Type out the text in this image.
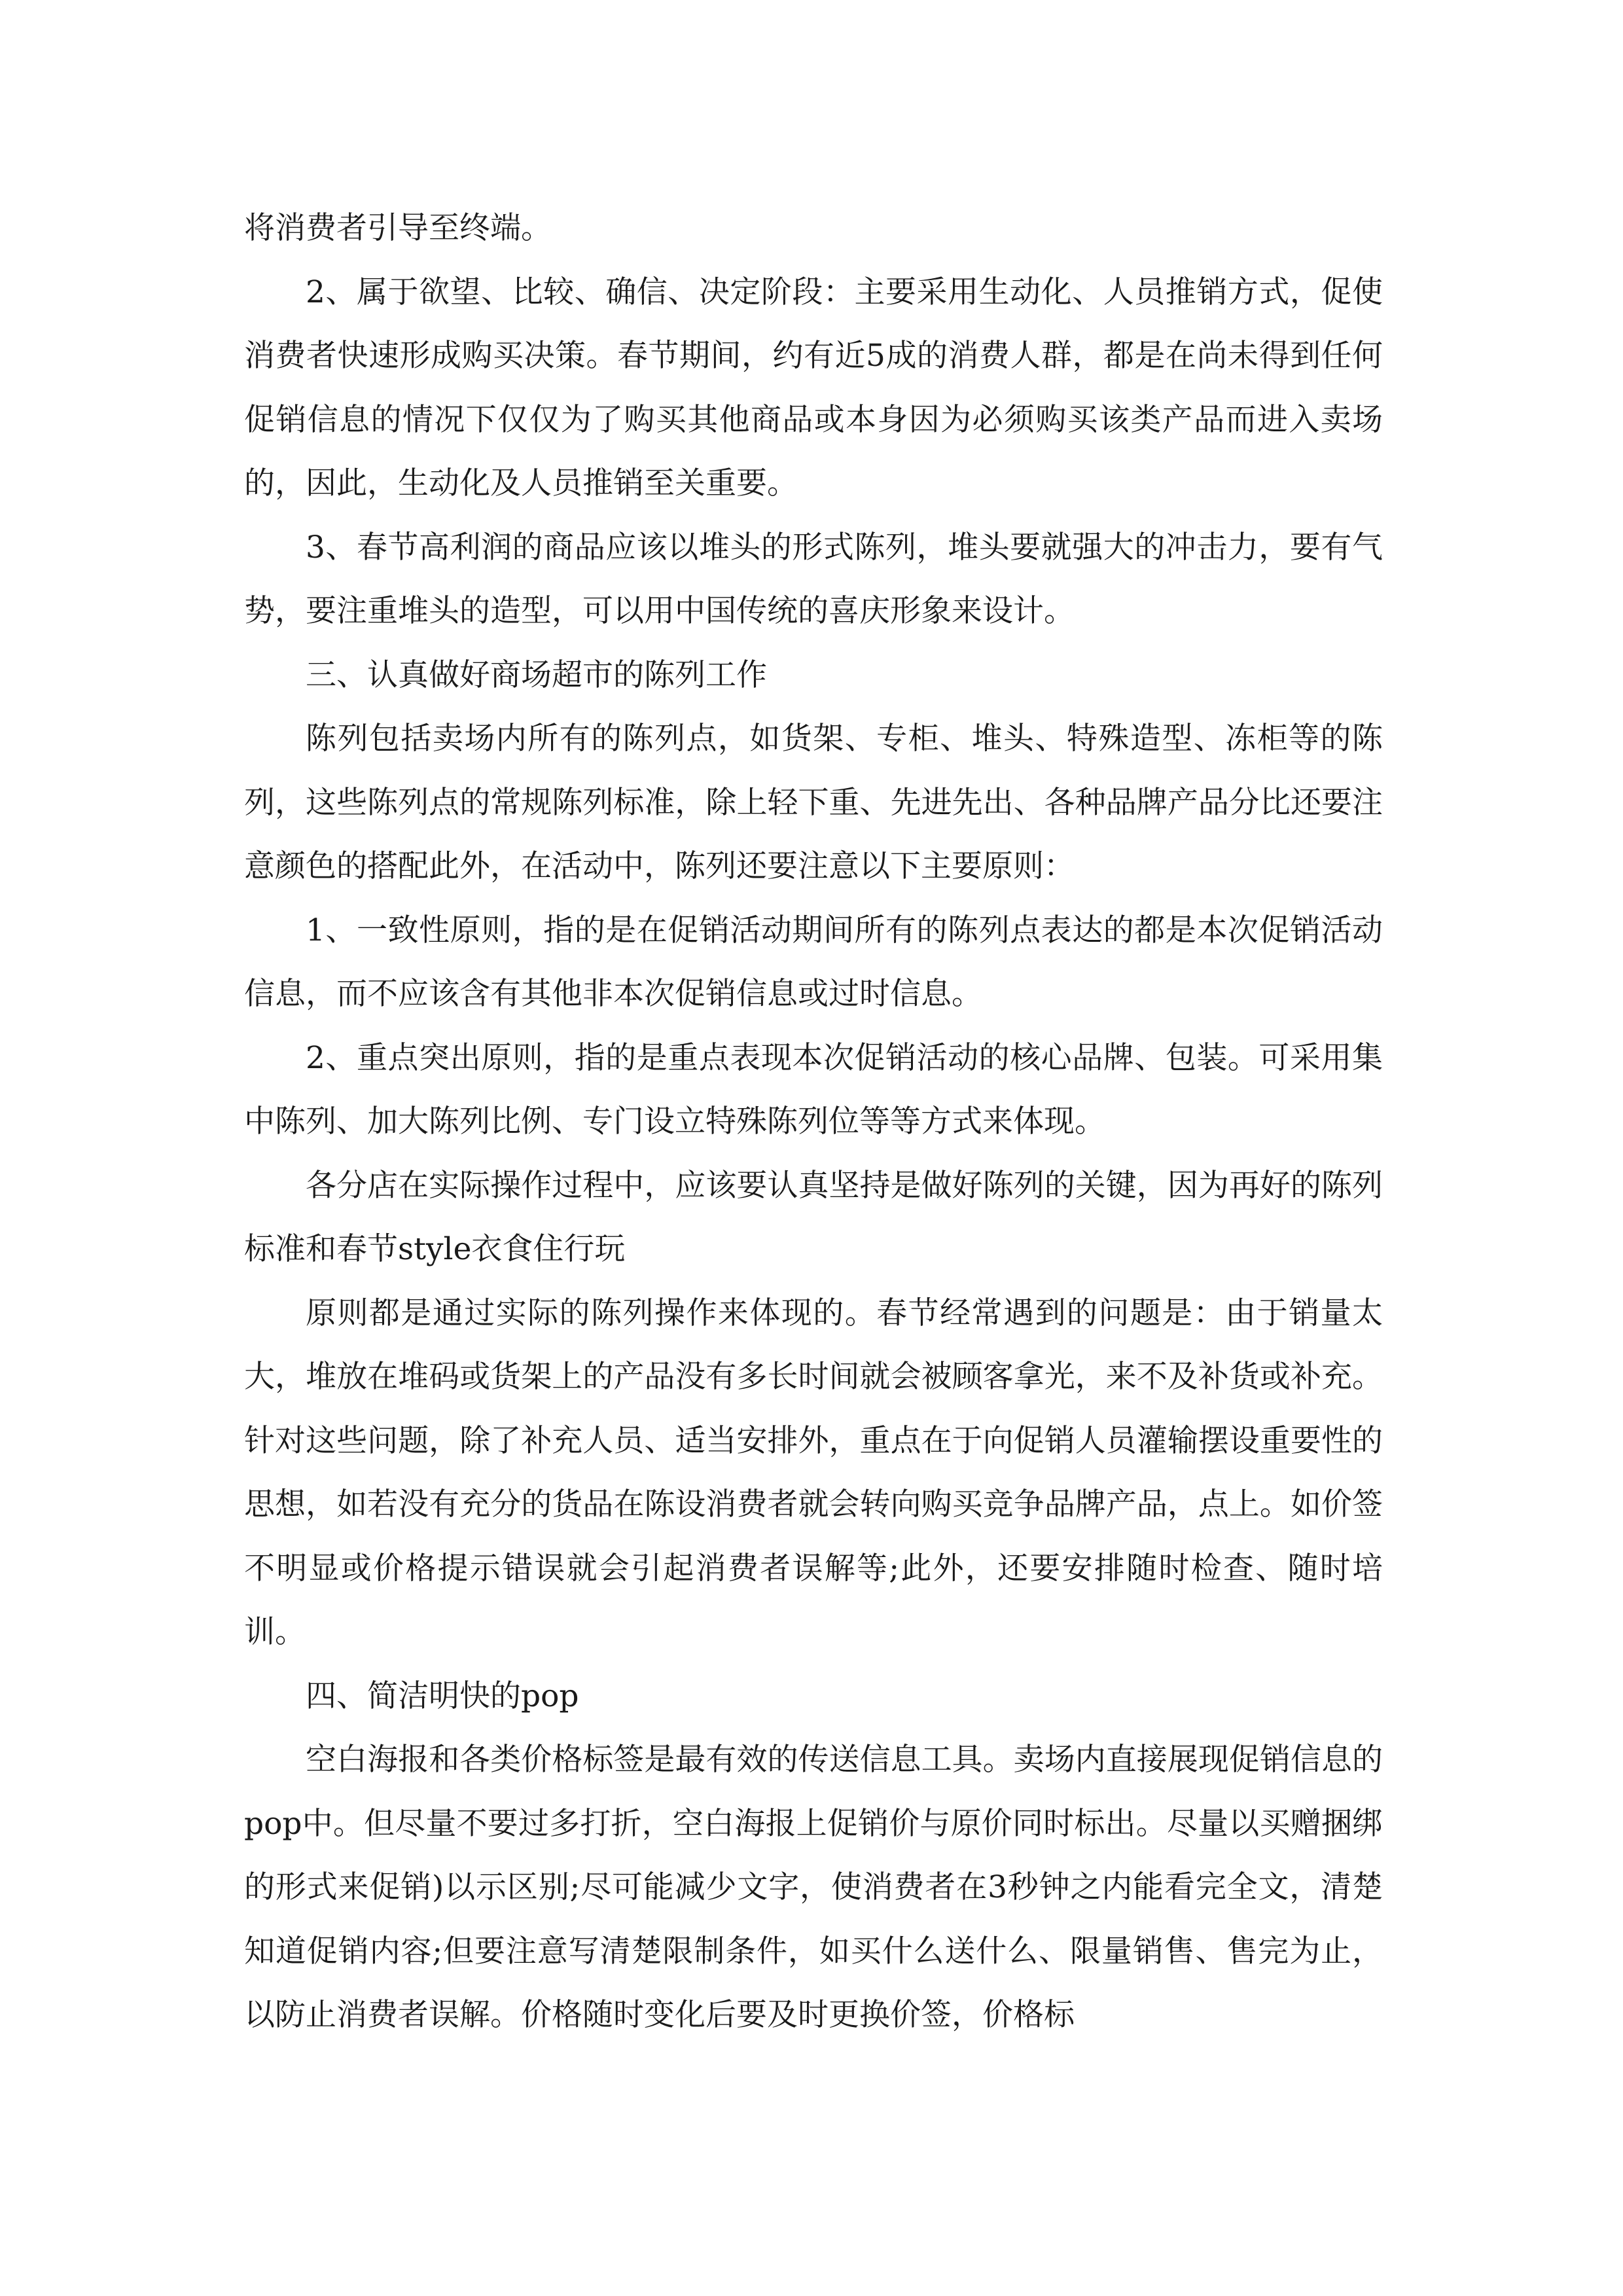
将消费者引导至终端。

2、属于欲望、比较、确信、决定阶段：主要采用生动化、人员推销方式，促使消费者快速形成购买决策。春节期间，约有近5成的消费人群，都是在尚未得到任何促销信息的情况下仅仅为了购买其他商品或本身因为必须购买该类产品而进入卖场的，因此，生动化及人员推销至关重要。

3、春节高利润的商品应该以堆头的形式陈列，堆头要就强大的冲击力，要有气势，要注重堆头的造型，可以用中国传统的喜庆形象来设计。

三、认真做好商场超市的陈列工作

陈列包括卖场内所有的陈列点，如货架、专柜、堆头、特殊造型、冻柜等的陈列，这些陈列点的常规陈列标准，除上轻下重、先进先出、各种品牌产品分比还要注意颜色的搭配此外，在活动中，陈列还要注意以下主要原则：

1、一致性原则，指的是在促销活动期间所有的陈列点表达的都是本次促销活动信息，而不应该含有其他非本次促销信息或过时信息。

2、重点突出原则，指的是重点表现本次促销活动的核心品牌、包装。可采用集中陈列、加大陈列比例、专门设立特殊陈列位等等方式来体现。

各分店在实际操作过程中，应该要认真坚持是做好陈列的关键，因为再好的陈列标准和春节style衣食住行玩

原则都是通过实际的陈列操作来体现的。春节经常遇到的问题是：由于销量太大，堆放在堆码或货架上的产品没有多长时间就会被顾客拿光，来不及补货或补充。针对这些问题，除了补充人员、适当安排外，重点在于向促销人员灌输摆设重要性的思想，如若没有充分的货品在陈设消费者就会转向购买竞争品牌产品，点上。如价签不明显或价格提示错误就会引起消费者误解等;此外，还要安排随时检查、随时培训。

四、简洁明快的pop

空白海报和各类价格标签是最有效的传送信息工具。卖场内直接展现促销信息的pop中。但尽量不要过多打折，空白海报上促销价与原价同时标出。尽量以买赠捆绑的形式来促销)以示区别;尽可能减少文字，使消费者在3秒钟之内能看完全文，清楚知道促销内容;但要注意写清楚限制条件，如买什么送什么、限量销售、售完为止，以防止消费者误解。价格随时变化后要及时更换价签，价格标
